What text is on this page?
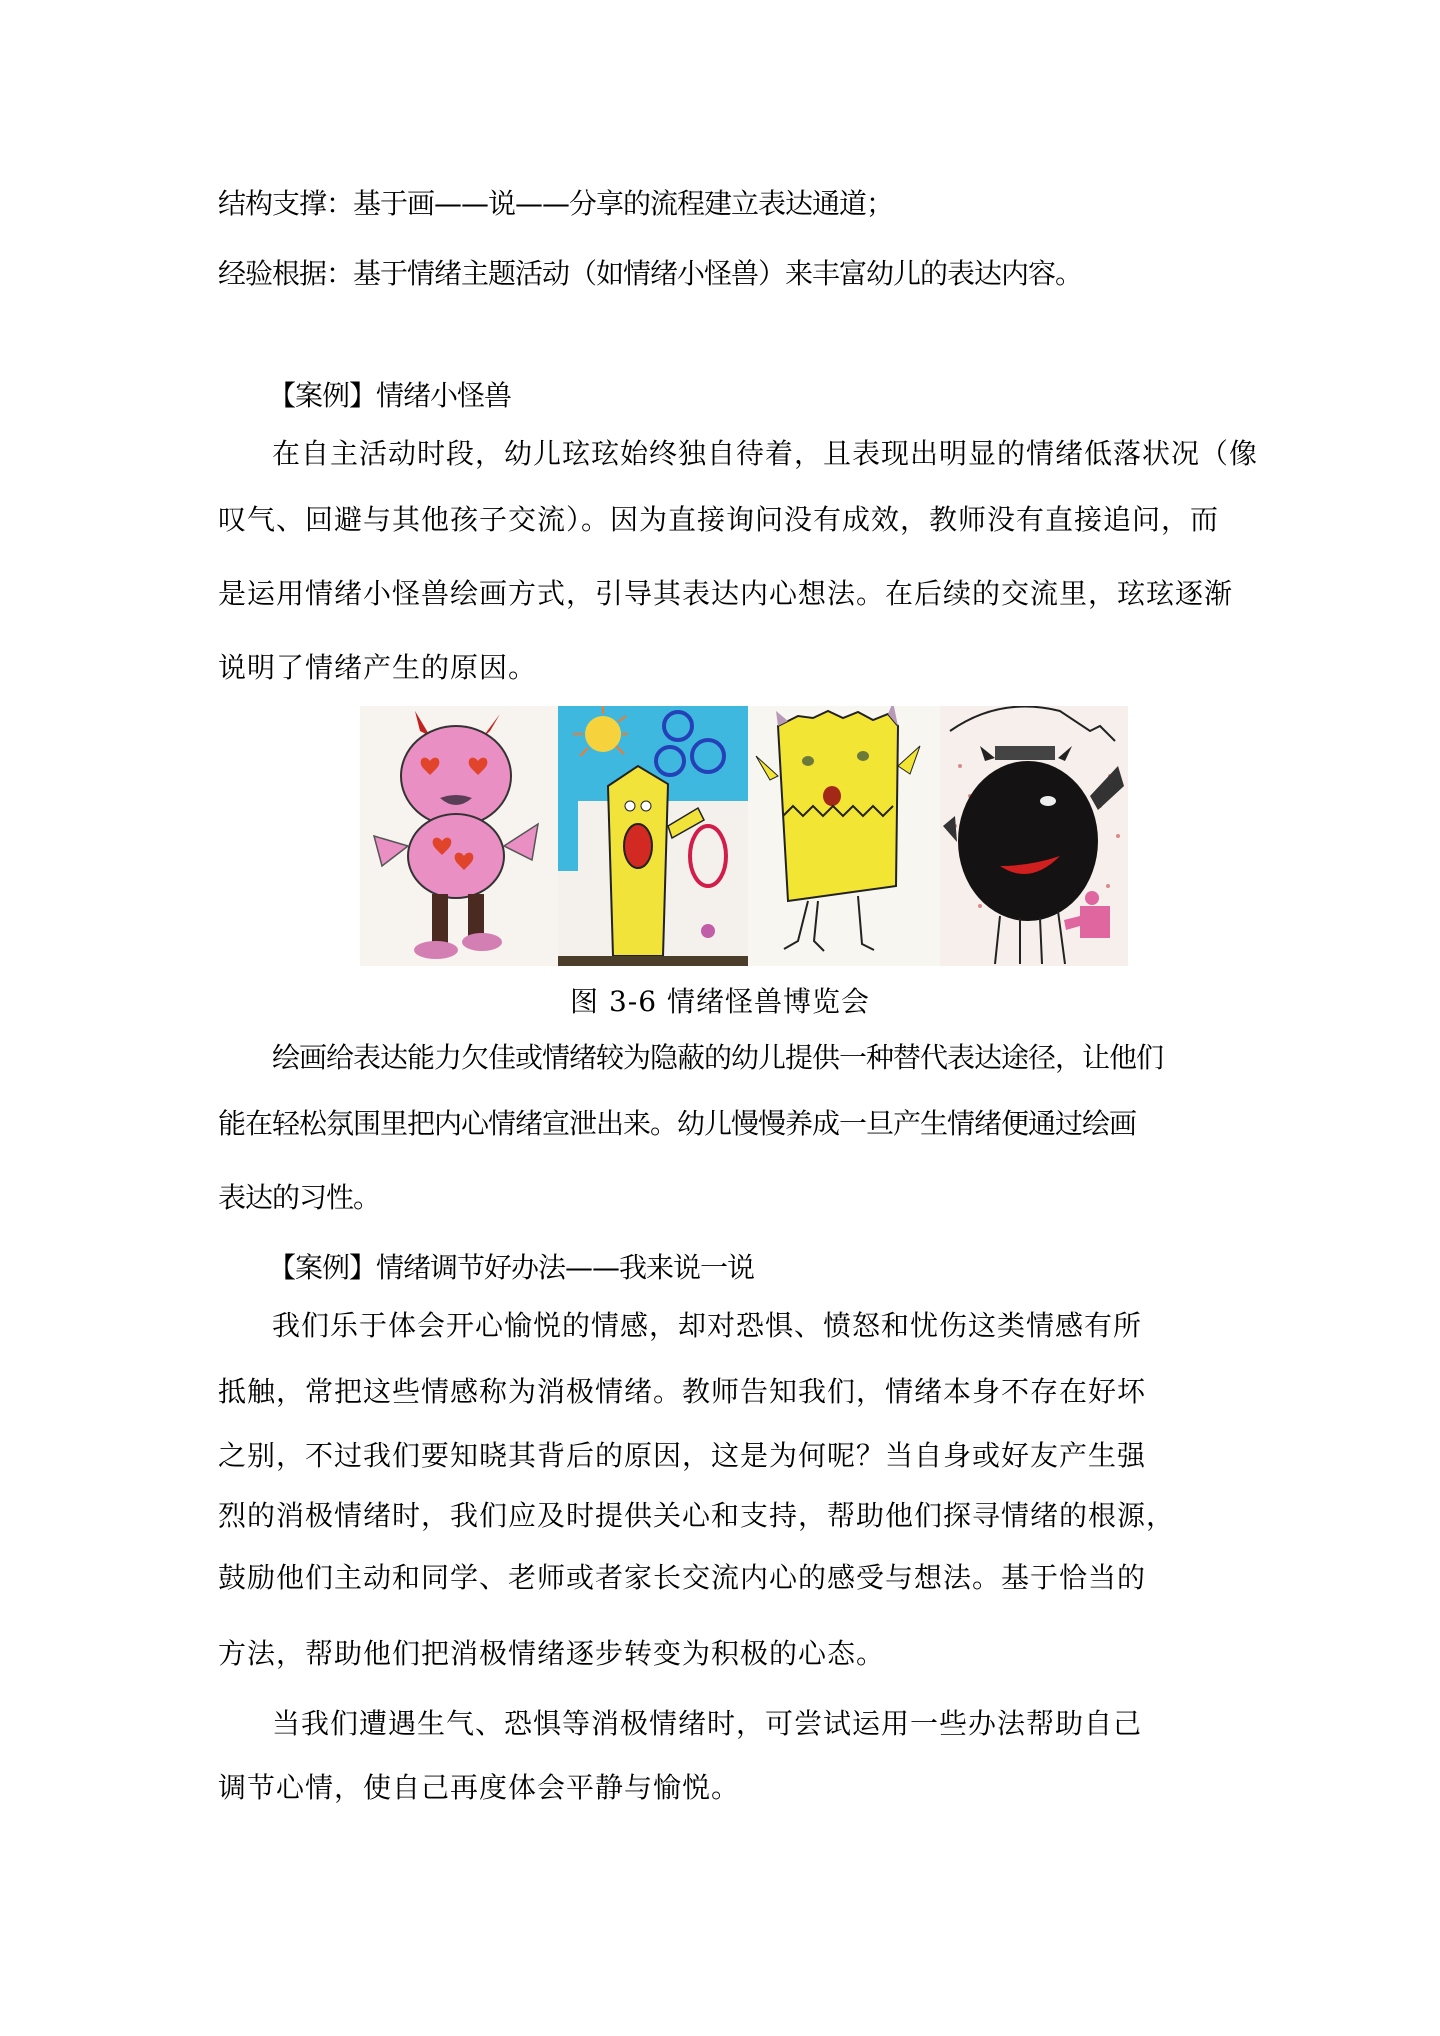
结构支撑：基于画——说——分享的流程建立表达通道；
经验根据：基于情绪主题活动（如情绪小怪兽）来丰富幼儿的表达内容。
【案例】情绪小怪兽
在自主活动时段，幼儿玹玹始终独自待着，且表现出明显的情绪低落状况（像
叹气、回避与其他孩子交流）。因为直接询问没有成效，教师没有直接追问，而
是运用情绪小怪兽绘画方式，引导其表达内心想法。在后续的交流里，玹玹逐渐
说明了情绪产生的原因。
图 3-6 情绪怪兽博览会
绘画给表达能力欠佳或情绪较为隐蔽的幼儿提供一种替代表达途径，让他们
能在轻松氛围里把内心情绪宣泄出来。幼儿慢慢养成一旦产生情绪便通过绘画
表达的习性。
【案例】情绪调节好办法——我来说一说
我们乐于体会开心愉悦的情感，却对恐惧、愤怒和忧伤这类情感有所
抵触，常把这些情感称为消极情绪。教师告知我们，情绪本身不存在好坏
之别，不过我们要知晓其背后的原因，这是为何呢？当自身或好友产生强
烈的消极情绪时，我们应及时提供关心和支持，帮助他们探寻情绪的根源，
鼓励他们主动和同学、老师或者家长交流内心的感受与想法。基于恰当的
方法，帮助他们把消极情绪逐步转变为积极的心态。
当我们遭遇生气、恐惧等消极情绪时，可尝试运用一些办法帮助自己
调节心情，使自己再度体会平静与愉悦。
